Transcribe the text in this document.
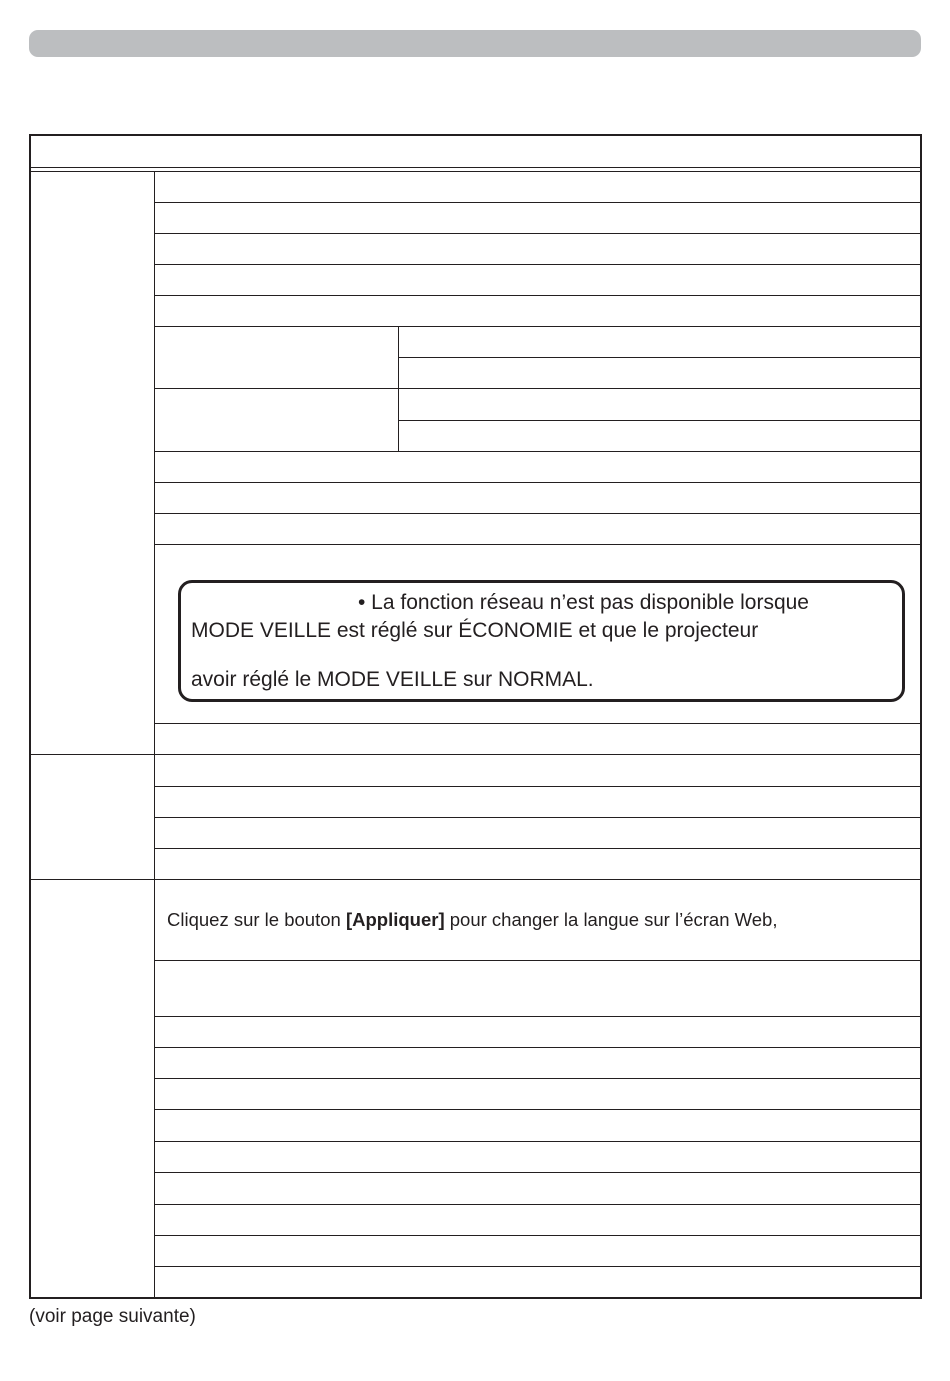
• La fonction réseau n’est pas disponible lorsque
MODE VEILLE est réglé sur ÉCONOMIE et que le projecteur
avoir réglé le MODE VEILLE sur NORMAL.
Cliquez sur le bouton [Appliquer] pour changer la langue sur l’écran Web,
(voir page suivante)
